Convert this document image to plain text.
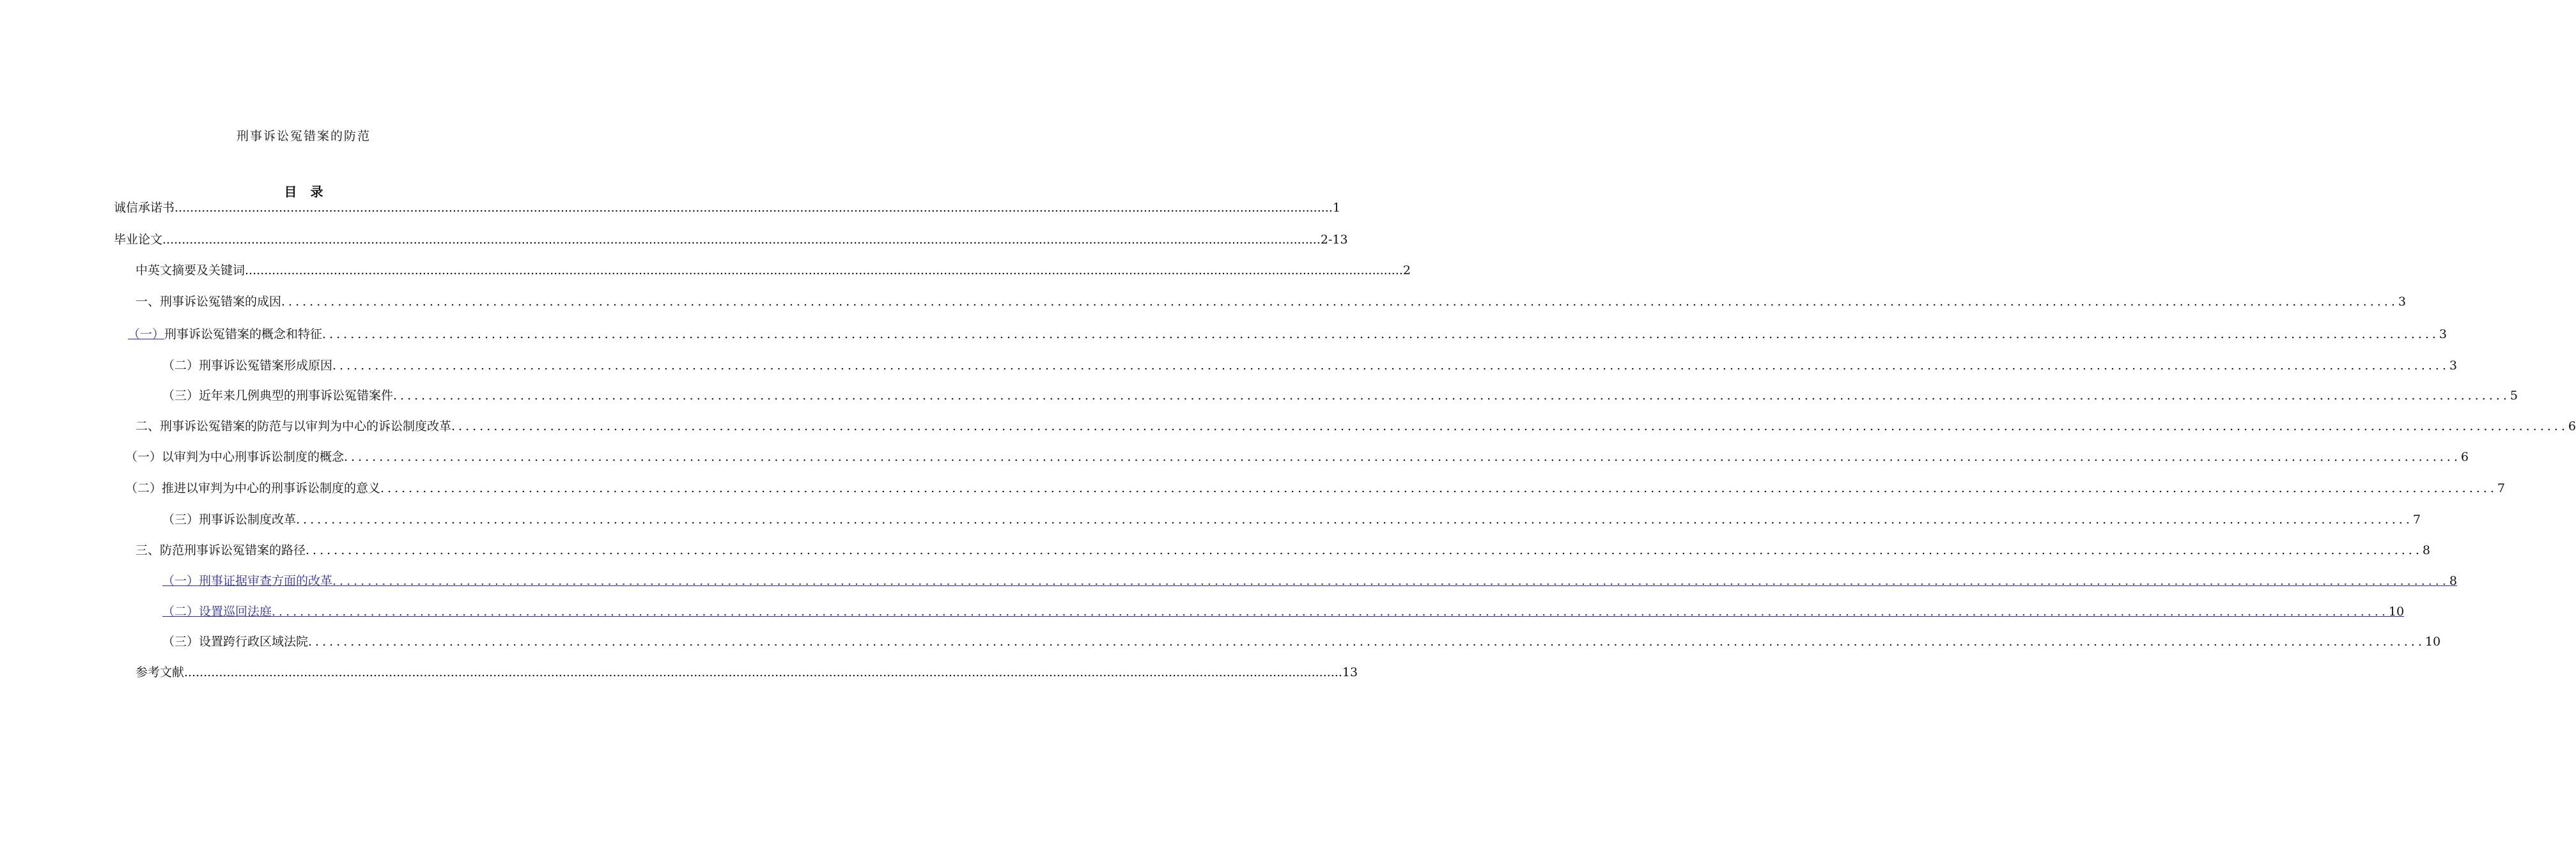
刑事诉讼冤错案的防范
目 录
诚信承诺书 ............................................................................................................................................................................................................................................................................................................ 1
毕业论文 ............................................................................................................................................................................................................................................................................................................ 2-13
中英文摘要及关键词 ............................................................................................................................................................................................................................................................................................................ 2
一、刑事诉讼冤错案的成因 ............................................................................................................................................................................................................................................................................................................ 3
（一） 刑事诉讼冤错案的概念和特征 ............................................................................................................................................................................................................................................................................................................ 3
（二）刑事诉讼冤错案形成原因 ............................................................................................................................................................................................................................................................................................................ 3
（三）近年来几例典型的刑事诉讼冤错案件 ............................................................................................................................................................................................................................................................................................................ 5
二、刑事诉讼冤错案的防范与以审判为中心的诉讼制度改革 ............................................................................................................................................................................................................................................................................................................ 6
（一）以审判为中心刑事诉讼制度的概念 ............................................................................................................................................................................................................................................................................................................ 6
（二）推进以审判为中心的刑事诉讼制度的意义 ............................................................................................................................................................................................................................................................................................................ 7
（三）刑事诉讼制度改革 ............................................................................................................................................................................................................................................................................................................ 7
三、防范刑事诉讼冤错案的路径 ............................................................................................................................................................................................................................................................................................................ 8
（一）刑事证据审查方面的改革 ............................................................................................................................................................................................................................................................................................................ 8
（二）设置巡回法庭 ............................................................................................................................................................................................................................................................................................................ 10
（三）设置跨行政区域法院 ............................................................................................................................................................................................................................................................................................................ 10
参考文献 ............................................................................................................................................................................................................................................................................................................ 13
